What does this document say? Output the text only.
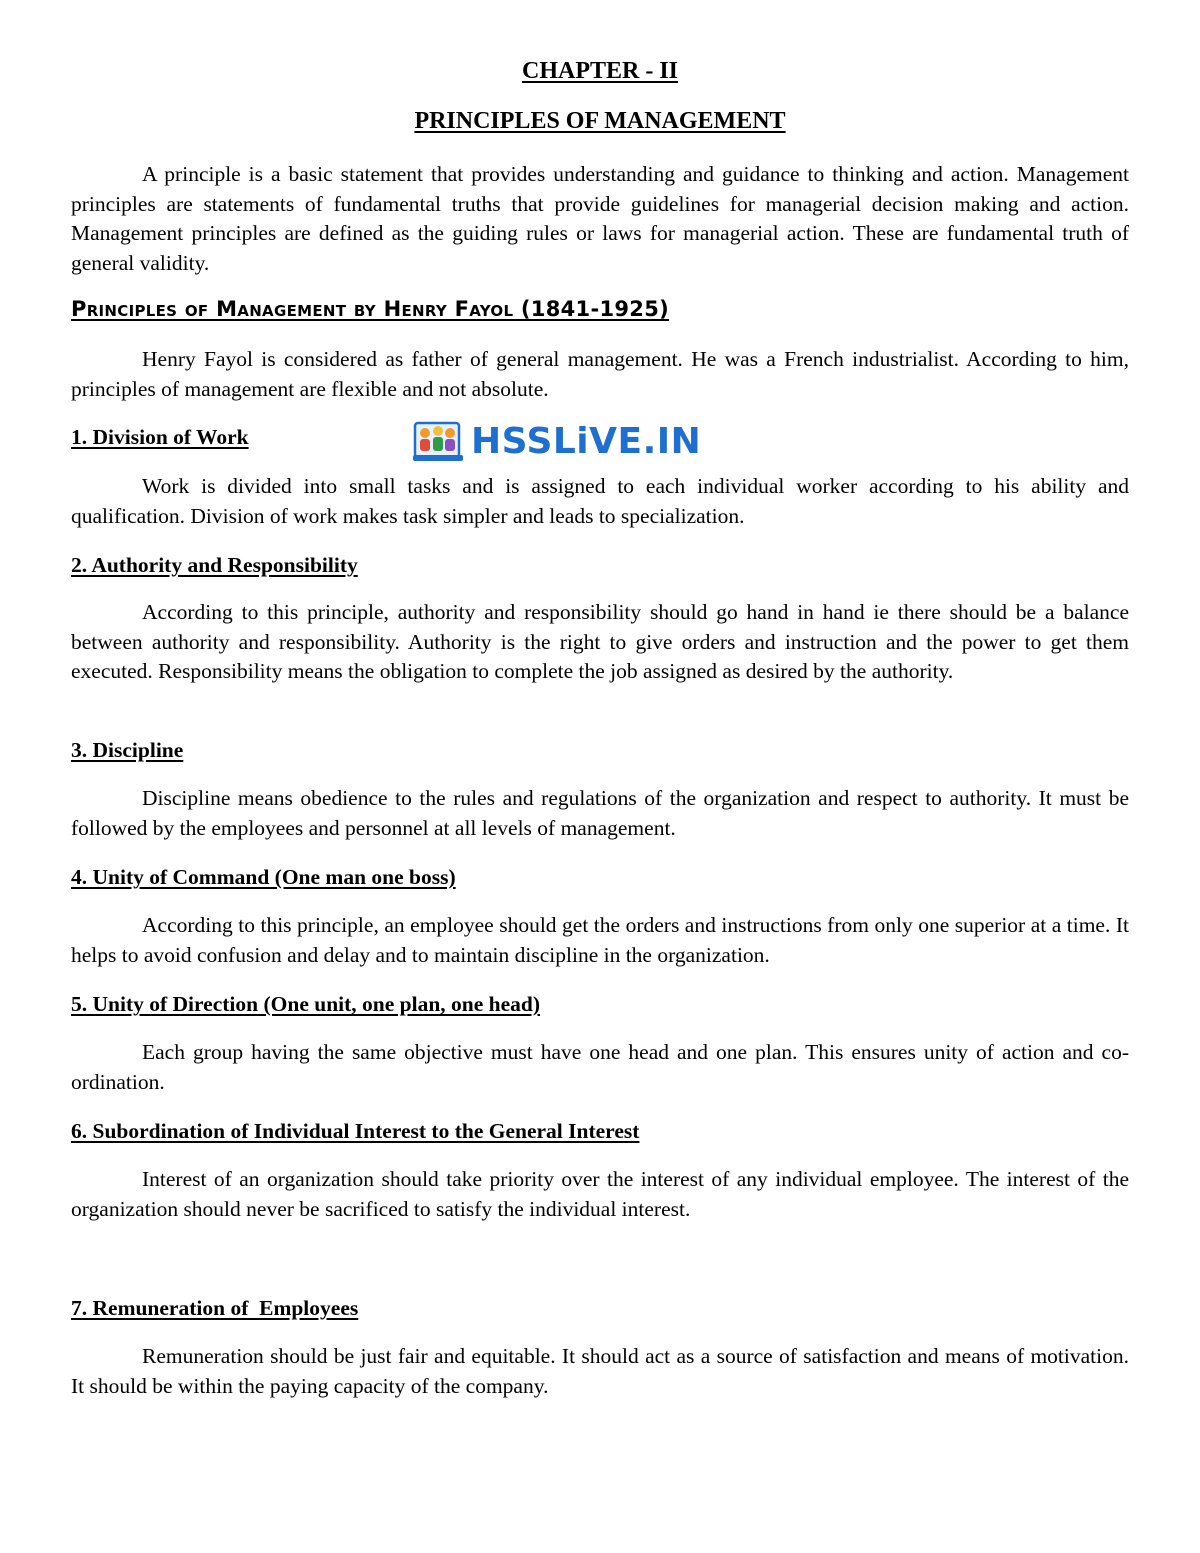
CHAPTER - II
PRINCIPLES OF MANAGEMENT

A principle is a basic statement that provides understanding and guidance to thinking and action. Management principles are statements of fundamental truths that provide guidelines for managerial decision making and action. Management principles are defined as the guiding rules or laws for managerial action. These are fundamental truth of general validity.

Principles of Management by Henry Fayol (1841-1925)

Henry Fayol is considered as father of general management. He was a French industrialist. According to him, principles of management are flexible and not absolute.

1. Division of Work	HSSLiVE.IN

Work is divided into small tasks and is assigned to each individual worker according to his ability and qualification. Division of work makes task simpler and leads to specialization.

2. Authority and Responsibility

According to this principle, authority and responsibility should go hand in hand ie there should be a balance between authority and responsibility. Authority is the right to give orders and instruction and the power to get them executed. Responsibility means the obligation to complete the job assigned as desired by the authority.

3. Discipline

Discipline means obedience to the rules and regulations of the organization and respect to authority. It must be followed by the employees and personnel at all levels of management.

4. Unity of Command (One man one boss)

According to this principle, an employee should get the orders and instructions from only one superior at a time. It helps to avoid confusion and delay and to maintain discipline in the organization.

5. Unity of Direction (One unit, one plan, one head)

Each group having the same objective must have one head and one plan. This ensures unity of action and co-ordination.

6. Subordination of Individual Interest to the General Interest

Interest of an organization should take priority over the interest of any individual employee. The interest of the organization should never be sacrificed to satisfy the individual interest.

7. Remuneration of  Employees

Remuneration should be just fair and equitable. It should act as a source of satisfaction and means of motivation. It should be within the paying capacity of the company.
